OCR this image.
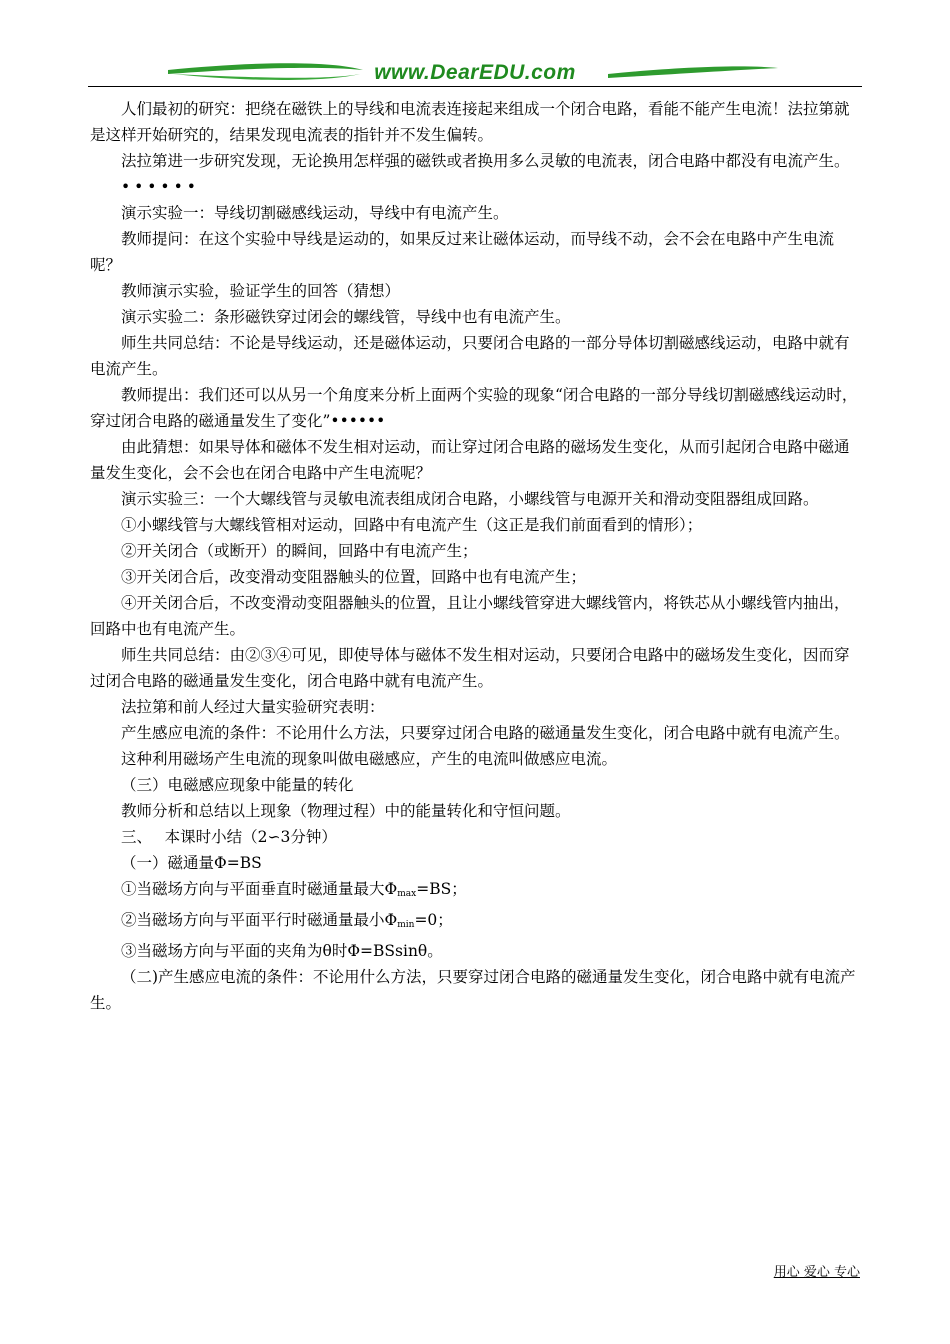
www.DearEDU.com

人们最初的研究：把绕在磁铁上的导线和电流表连接起来组成一个闭合电路，看能不能产生电流！法拉第就是这样开始研究的，结果发现电流表的指针并不发生偏转。

法拉第进一步研究发现，无论换用怎样强的磁铁或者换用多么灵敏的电流表，闭合电路中都没有电流产生。

••••••

演示实验一：导线切割磁感线运动，导线中有电流产生。

教师提问：在这个实验中导线是运动的，如果反过来让磁体运动，而导线不动，会不会在电路中产生电流呢？

教师演示实验，验证学生的回答（猜想）

演示实验二：条形磁铁穿过闭会的螺线管，导线中也有电流产生。

师生共同总结：不论是导线运动，还是磁体运动，只要闭合电路的一部分导体切割磁感线运动，电路中就有电流产生。

教师提出：我们还可以从另一个角度来分析上面两个实验的现象“闭合电路的一部分导线切割磁感线运动时，穿过闭合电路的磁通量发生了变化”••••••

由此猜想：如果导体和磁体不发生相对运动，而让穿过闭合电路的磁场发生变化，从而引起闭合电路中磁通量发生变化，会不会也在闭合电路中产生电流呢？

演示实验三：一个大螺线管与灵敏电流表组成闭合电路，小螺线管与电源开关和滑动变阻器组成回路。

①小螺线管与大螺线管相对运动，回路中有电流产生（这正是我们前面看到的情形）；

②开关闭合（或断开）的瞬间，回路中有电流产生；

③开关闭合后，改变滑动变阻器触头的位置，回路中也有电流产生；

④开关闭合后，不改变滑动变阻器触头的位置，且让小螺线管穿进大螺线管内，将铁芯从小螺线管内抽出，回路中也有电流产生。

师生共同总结：由②③④可见，即使导体与磁体不发生相对运动，只要闭合电路中的磁场发生变化，因而穿过闭合电路的磁通量发生变化，闭合电路中就有电流产生。

法拉第和前人经过大量实验研究表明：

产生感应电流的条件：不论用什么方法，只要穿过闭合电路的磁通量发生变化，闭合电路中就有电流产生。

这种利用磁场产生电流的现象叫做电磁感应，产生的电流叫做感应电流。

（三）电磁感应现象中能量的转化

教师分析和总结以上现象（物理过程）中的能量转化和守恒问题。

三、　 本课时小结（2∽3分钟）

（一）磁通量Φ=BS

①当磁场方向与平面垂直时磁通量最大$\Phi_{max}=BS$；

②当磁场方向与平面平行时磁通量最小$\Phi_{min}=0$；

③当磁场方向与平面的夹角为θ时Φ=BSsinθ。

（二)产生感应电流的条件：不论用什么方法，只要穿过闭合电路的磁通量发生变化，闭合电路中就有电流产生。

用心 爱心 专心
